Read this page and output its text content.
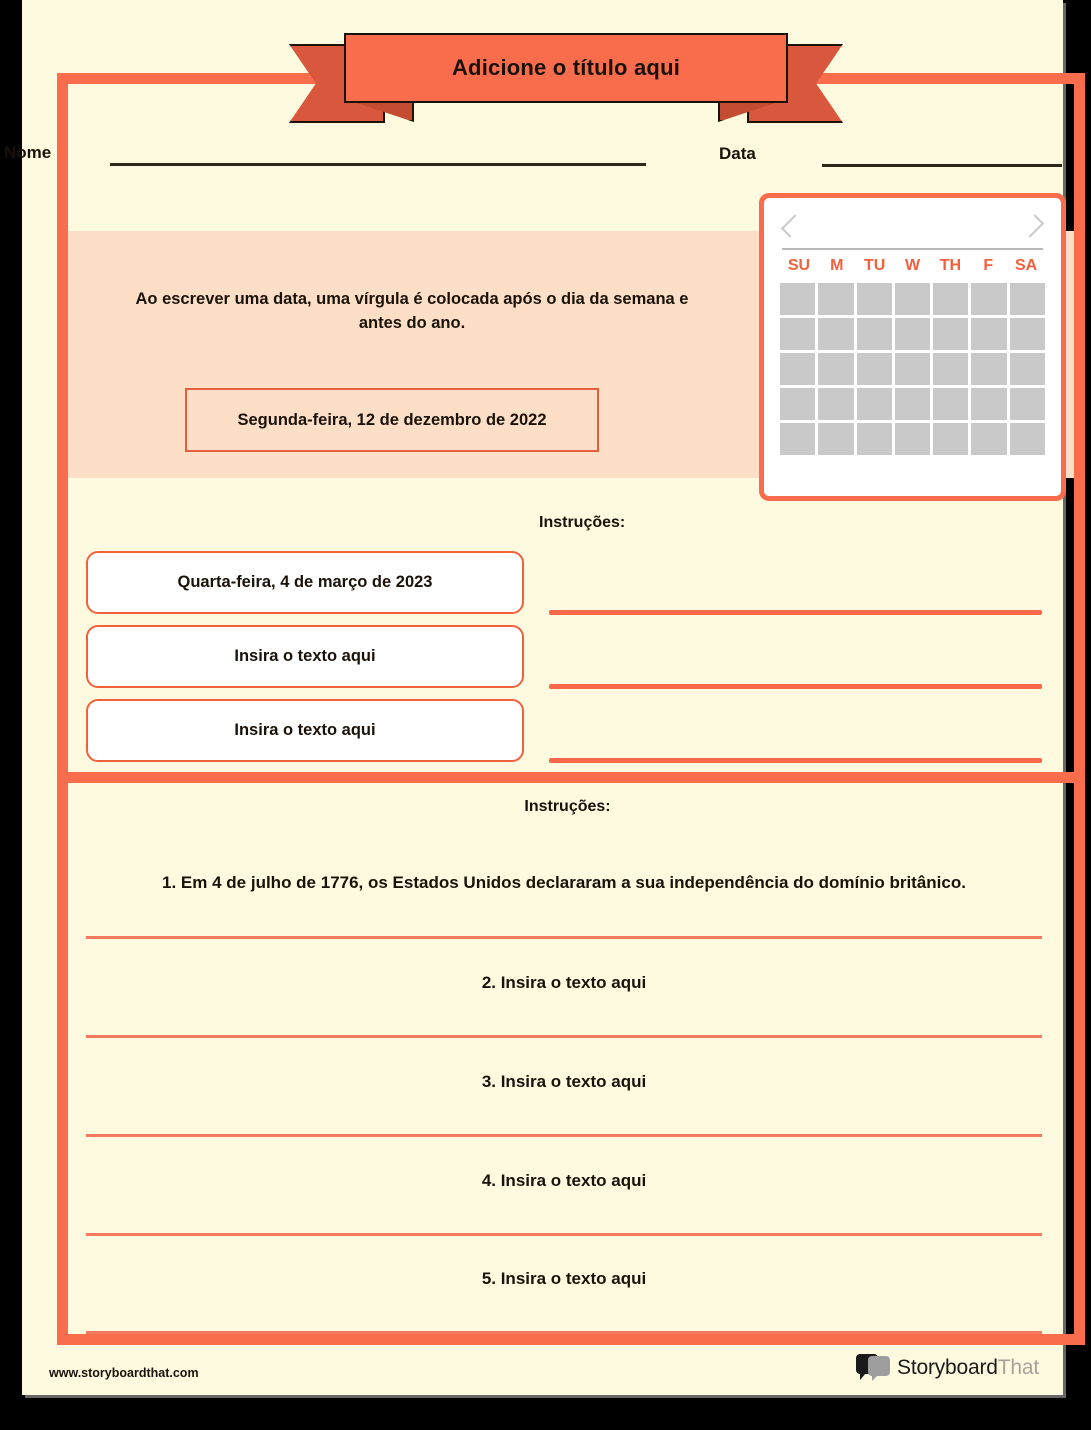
Adicione o título aqui
Nome	Data
Ao escrever uma data, uma vírgula é colocada após o dia da semana e antes do ano.
Segunda-feira, 12 de dezembro de 2022
SU	M	TU	W	TH	F	SA
Instruções:
Quarta-feira, 4 de março de 2023
Insira o texto aqui
Insira o texto aqui
Instruções:
1. Em 4 de julho de 1776, os Estados Unidos declararam a sua independência do domínio britânico.
2. Insira o texto aqui
3. Insira o texto aqui
4. Insira o texto aqui
5. Insira o texto aqui
www.storyboardthat.com	StoryboardThat
